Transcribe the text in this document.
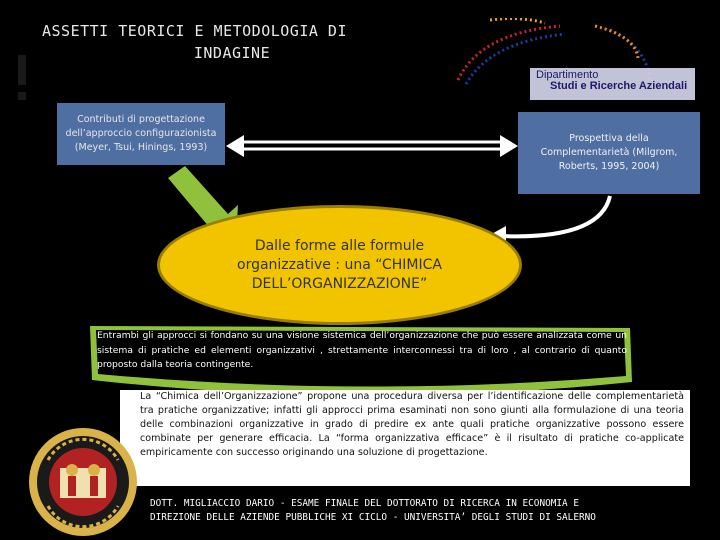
ASSETTI TEORICI E METODOLOGIA DI
INDAGINE
Dipartimento
Studi e Ricerche Aziendali
Contributi di progettazione
dell’approccio configurazionista
(Meyer, Tsui, Hinings, 1993)
Prospettiva della
Complementarietà (Milgrom,
Roberts, 1995, 2004)
Dalle forme alle formule
organizzative : una “CHIMICA
DELL’ORGANIZZAZIONE”
Entrambi gli approcci si fondano su una visione sistemica dell’organizzazione che può essere analizzata come un sistema di pratiche ed elementi organizzativi , strettamente interconnessi tra di loro , al contrario di quanto proposto dalla teoria contingente.

La “Chimica dell’Organizzazione” propone una procedura diversa per l’identificazione delle complementarietà tra pratiche organizzative; infatti gli approcci prima esaminati non sono giunti alla formulazione di una teoria delle combinazioni organizzative in grado di predire ex ante quali pratiche organizzative possono essere combinate per generare efficacia. La “forma organizzativa efficace” è il risultato di pratiche co-applicate empiricamente con successo originando una soluzione di progettazione.

DOTT. MIGLIACCIO DARIO - ESAME FINALE DEL DOTTORATO DI RICERCA IN ECONOMIA E
DIREZIONE DELLE AZIENDE PUBBLICHE XI CICLO - UNIVERSITA’ DEGLI STUDI DI SALERNO
